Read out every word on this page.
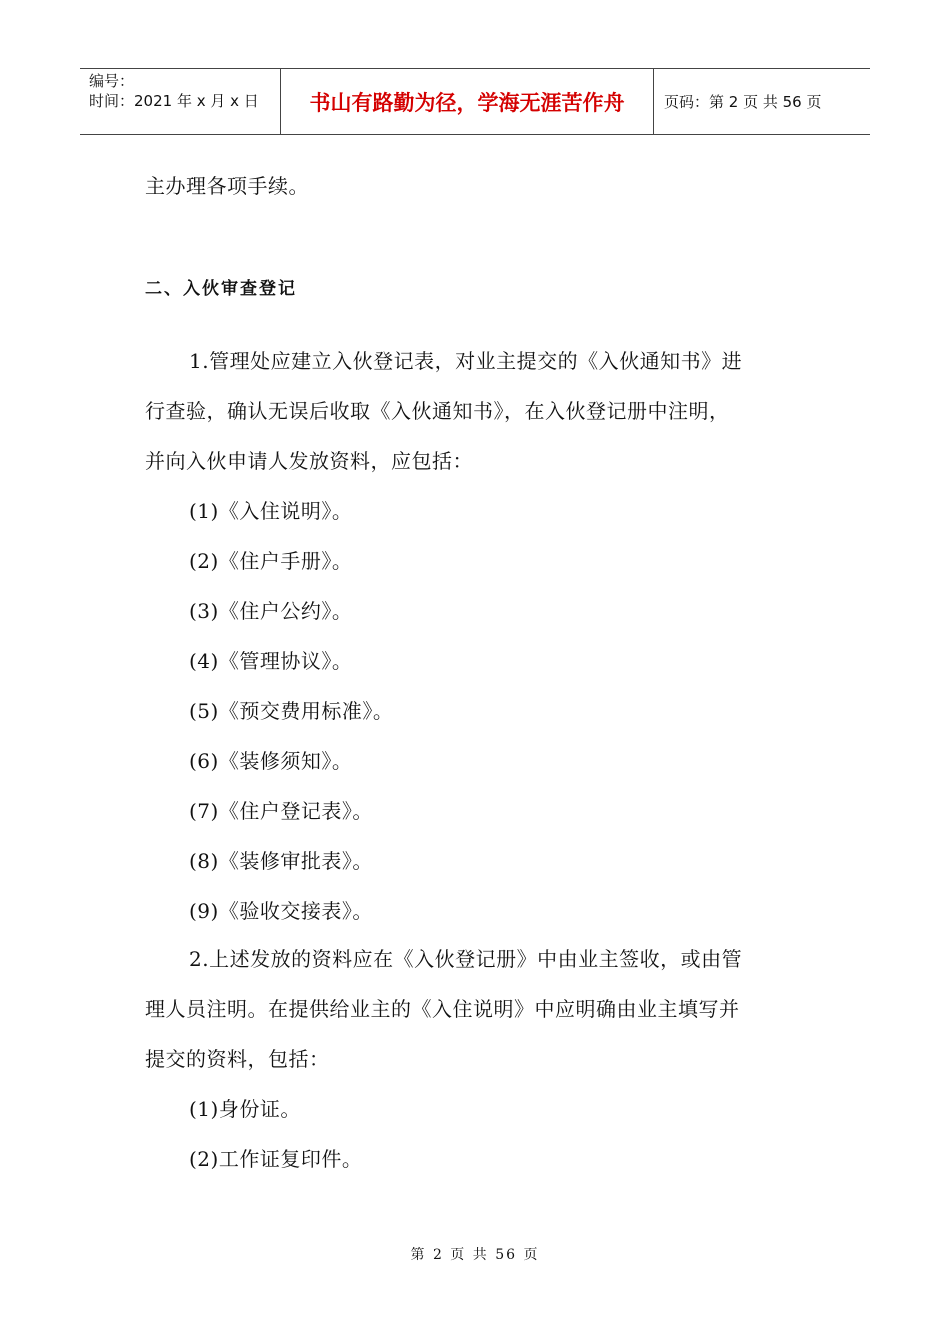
编号：
时间：2021 年 x 月 x 日	书山有路勤为径，学海无涯苦作舟	页码：第 2 页 共 56 页
主办理各项手续。
二、入伙审查登记
1.管理处应建立入伙登记表，对业主提交的《入伙通知书》进
行查验，确认无误后收取《入伙通知书》，在入伙登记册中注明，
并向入伙申请人发放资料，应包括：
(1)《入住说明》。
(2)《住户手册》。
(3)《住户公约》。
(4)《管理协议》。
(5)《预交费用标准》。
(6)《装修须知》。
(7)《住户登记表》。
(8)《装修审批表》。
(9)《验收交接表》。
2.上述发放的资料应在《入伙登记册》中由业主签收，或由管
理人员注明。在提供给业主的《入住说明》中应明确由业主填写并
提交的资料，包括：
(1)身份证。
(2)工作证复印件。
第 2 页 共 56 页
